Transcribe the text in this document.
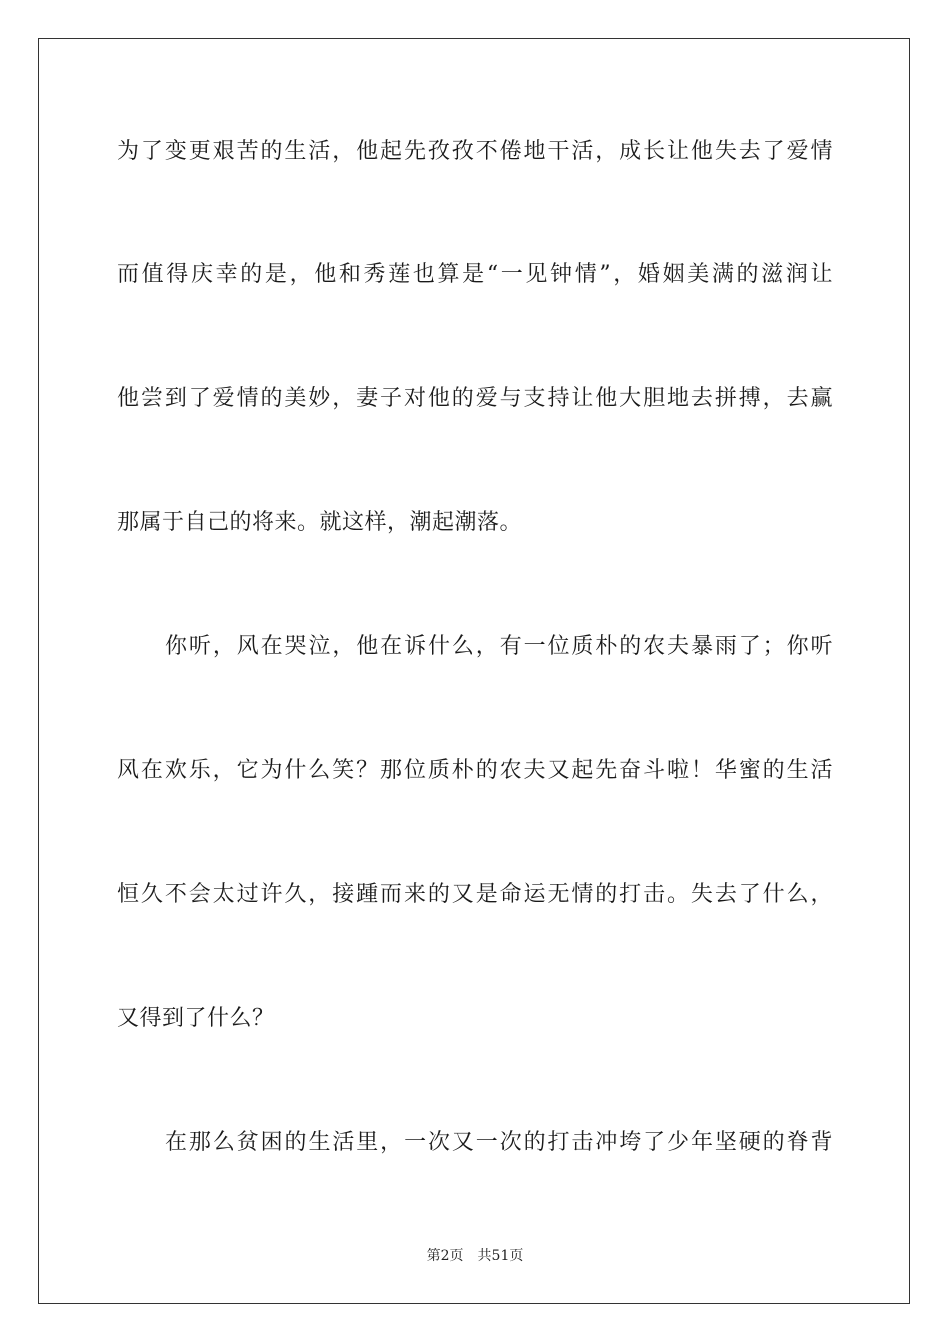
为了变更艰苦的生活，他起先孜孜不倦地干活，成长让他失去了爱情
而值得庆幸的是，他和秀莲也算是“一见钟情”，婚姻美满的滋润让
他尝到了爱情的美妙，妻子对他的爱与支持让他大胆地去拼搏，去赢
那属于自己的将来。就这样，潮起潮落。
你听，风在哭泣，他在诉什么，有一位质朴的农夫暴雨了；你听
风在欢乐，它为什么笑？那位质朴的农夫又起先奋斗啦！华蜜的生活
恒久不会太过许久，接踵而来的又是命运无情的打击。失去了什么，
又得到了什么？
在那么贫困的生活里，一次又一次的打击冲垮了少年坚硬的脊背
第2页 共51页
